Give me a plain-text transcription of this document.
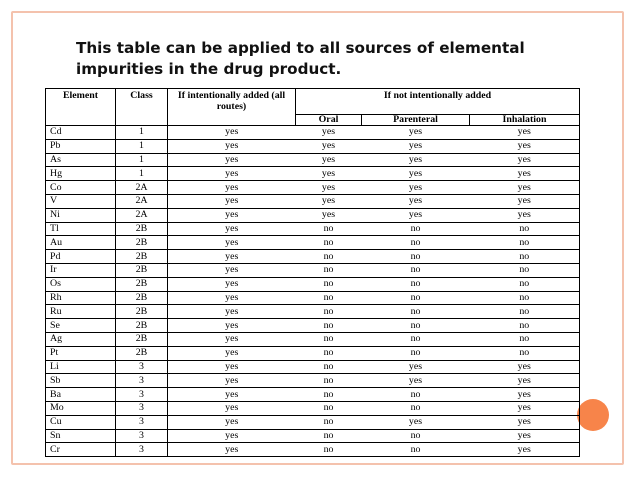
This table can be applied to all sources of elemental impurities in the drug product.
Element	Class	If intentionally added (all routes)	If not intentionally added		
			Oral	Parenteral	Inhalation
Cd	1	yes	yes	yes	yes
Pb	1	yes	yes	yes	yes
As	1	yes	yes	yes	yes
Hg	1	yes	yes	yes	yes
Co	2A	yes	yes	yes	yes
V	2A	yes	yes	yes	yes
Ni	2A	yes	yes	yes	yes
Tl	2B	yes	no	no	no
Au	2B	yes	no	no	no
Pd	2B	yes	no	no	no
Ir	2B	yes	no	no	no
Os	2B	yes	no	no	no
Rh	2B	yes	no	no	no
Ru	2B	yes	no	no	no
Se	2B	yes	no	no	no
Ag	2B	yes	no	no	no
Pt	2B	yes	no	no	no
Li	3	yes	no	yes	yes
Sb	3	yes	no	yes	yes
Ba	3	yes	no	no	yes
Mo	3	yes	no	no	yes
Cu	3	yes	no	yes	yes
Sn	3	yes	no	no	yes
Cr	3	yes	no	no	yes
